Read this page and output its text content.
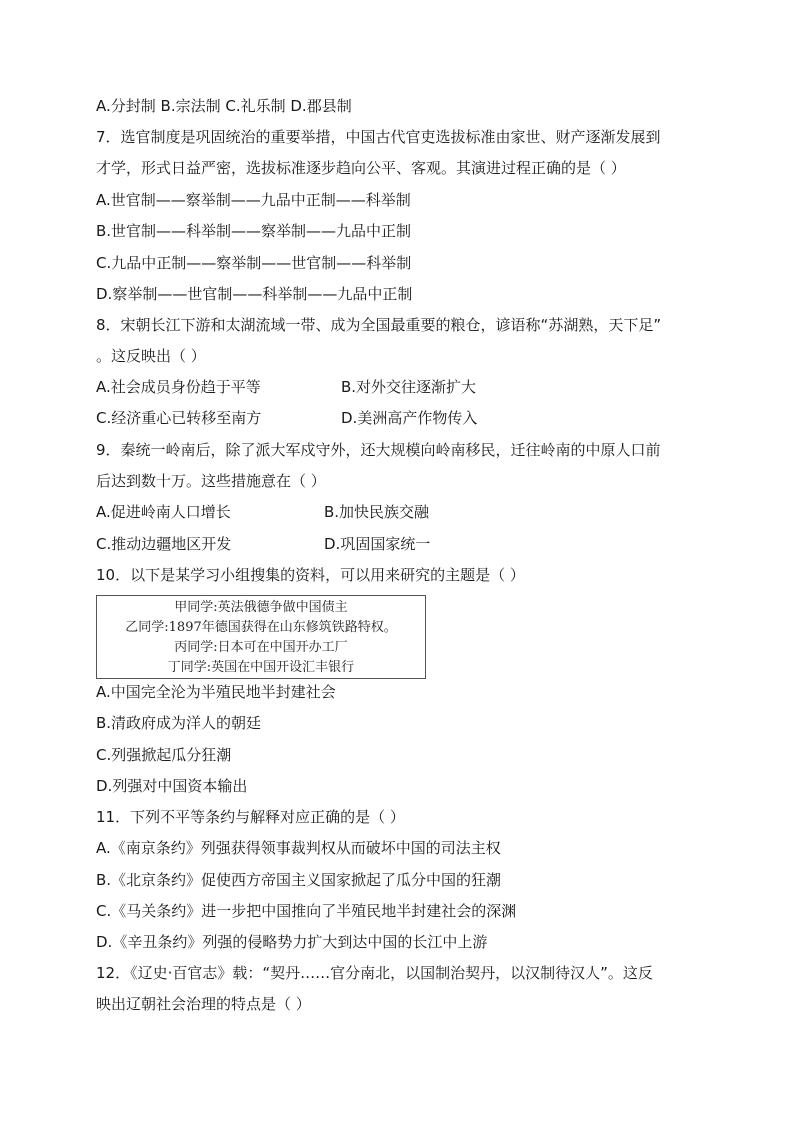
A.分封制 B.宗法制 C.礼乐制 D.郡县制
7．选官制度是巩固统治的重要举措，中国古代官吏选拔标准由家世、财产逐渐发展到
才学，形式日益严密，选拔标准逐步趋向公平、客观。其演进过程正确的是（ ）
A.世官制——察举制——九品中正制——科举制
B.世官制——科举制——察举制——九品中正制
C.九品中正制——察举制——世官制——科举制
D.察举制——世官制——科举制——九品中正制
8．宋朝长江下游和太湖流域一带、成为全国最重要的粮仓，谚语称“苏湖熟，天下足”
。这反映出（ ）
A.社会成员身份趋于平等	B.对外交往逐渐扩大
C.经济重心已转移至南方	D.美洲高产作物传入
9．秦统一岭南后，除了派大军戍守外，还大规模向岭南移民，迁往岭南的中原人口前
后达到数十万。这些措施意在（ ）
A.促进岭南人口增长	B.加快民族交融
C.推动边疆地区开发	D.巩固国家统一
10．以下是某学习小组搜集的资料，可以用来研究的主题是（ ）
甲同学:英法俄德争做中国债主
乙同学:1897年德国获得在山东修筑铁路特权。
丙同学:日本可在中国开办工厂
丁同学:英国在中国开设汇丰银行
A.中国完全沦为半殖民地半封建社会
B.清政府成为洋人的朝廷
C.列强掀起瓜分狂潮
D.列强对中国资本输出
11．下列不平等条约与解释对应正确的是（ ）
A.《南京条约》列强获得领事裁判权从而破坏中国的司法主权
B.《北京条约》促使西方帝国主义国家掀起了瓜分中国的狂潮
C.《马关条约》进一步把中国推向了半殖民地半封建社会的深渊
D.《辛丑条约》列强的侵略势力扩大到达中国的长江中上游
12．《辽史·百官志》载：“契丹……官分南北，以国制治契丹，以汉制待汉人”。这反
映出辽朝社会治理的特点是（ ）
